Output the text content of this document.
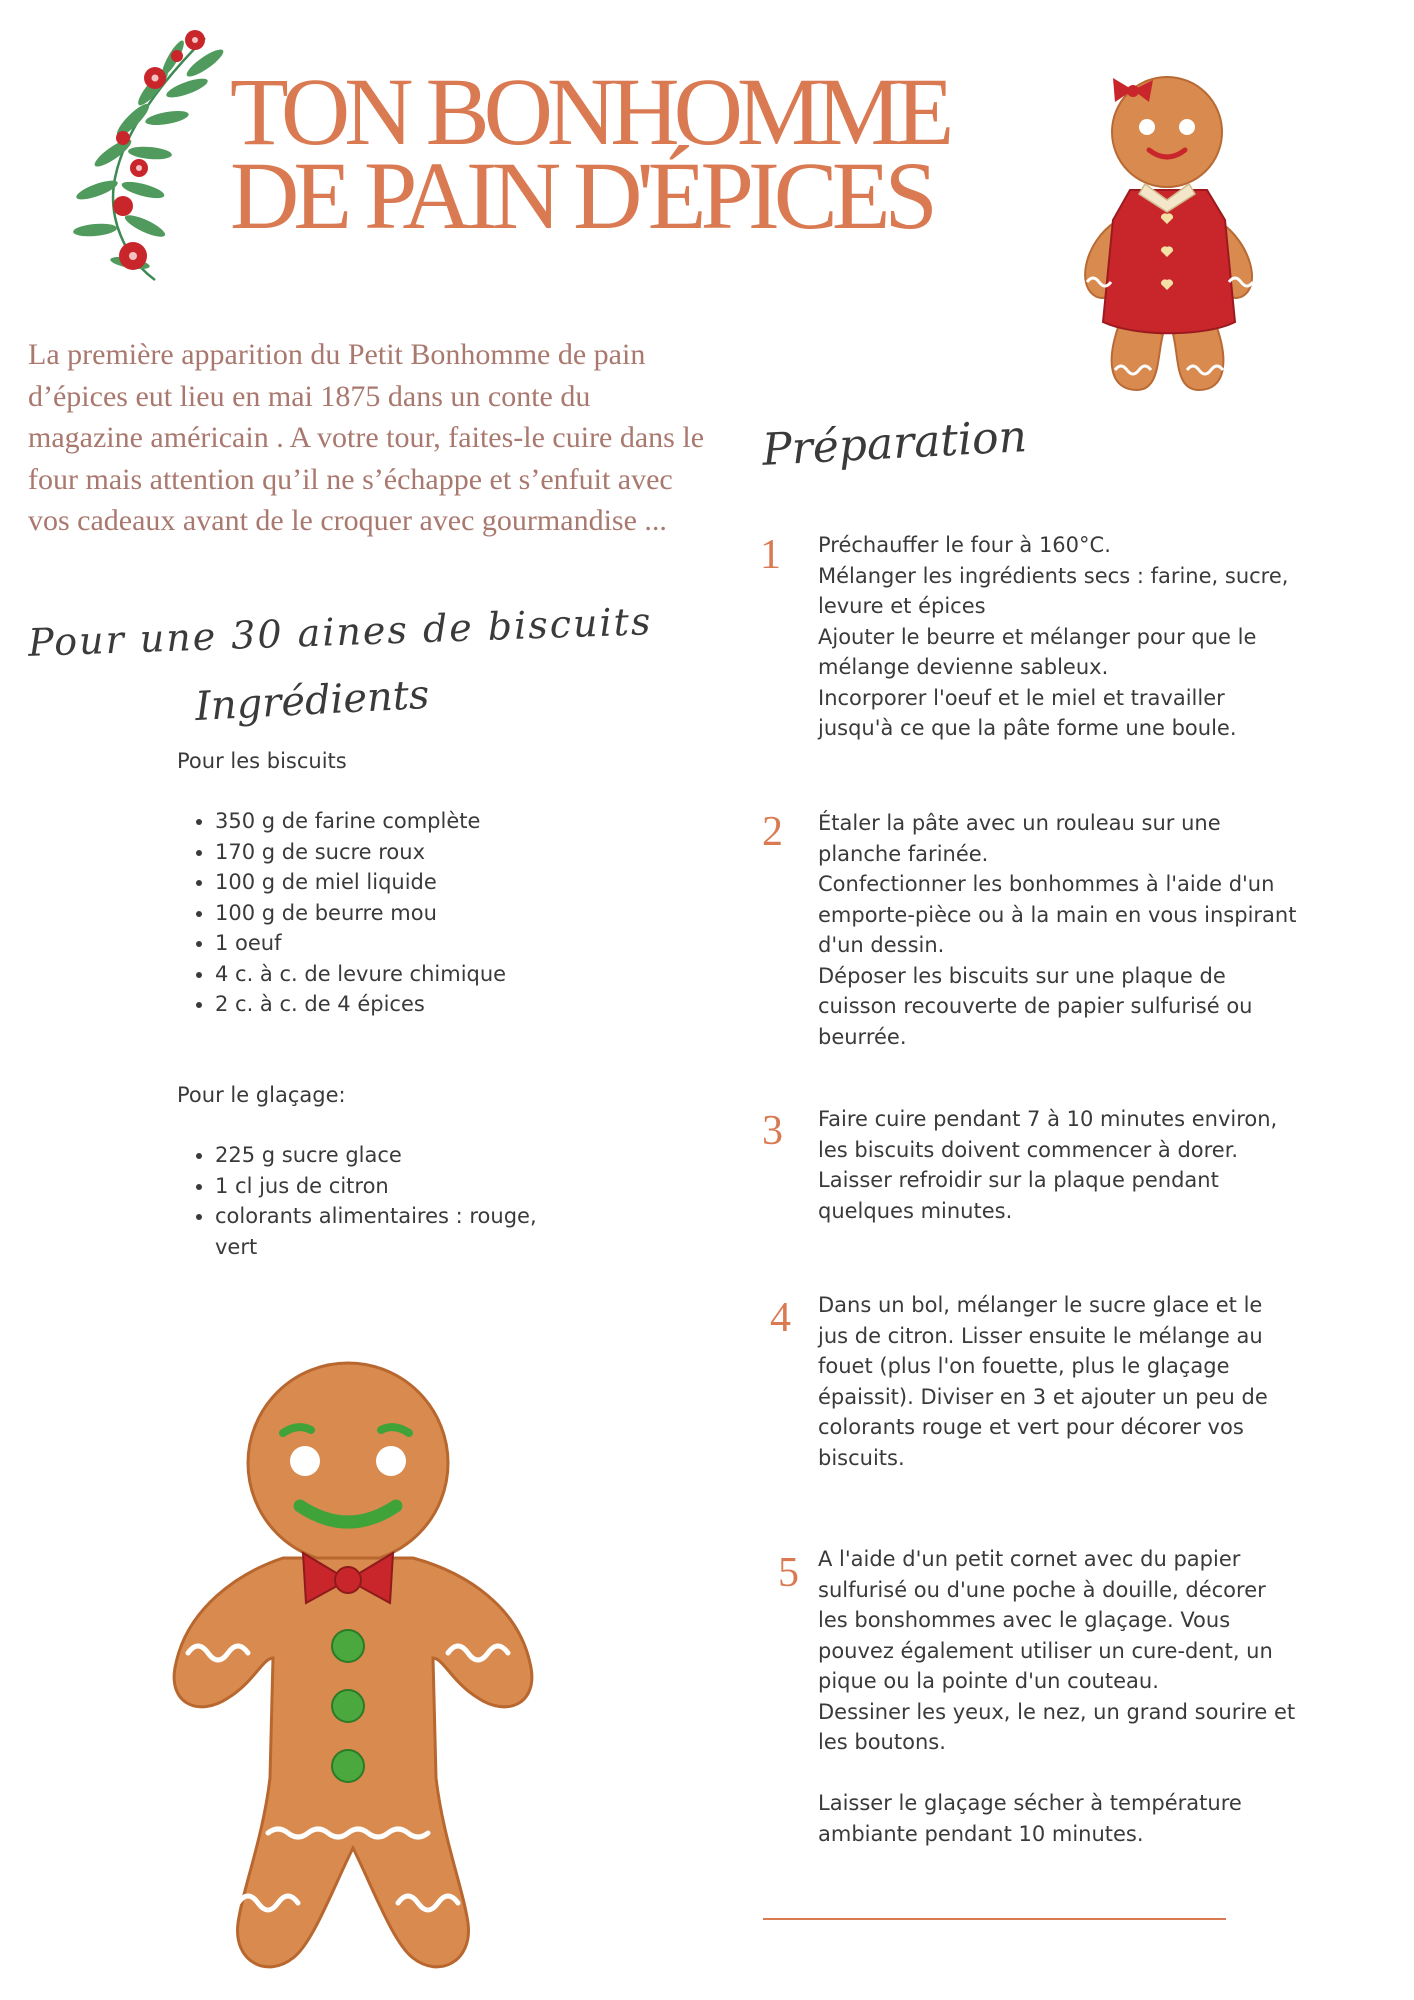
TON BONHOMME
DE PAIN D'ÉPICES

La première apparition du Petit Bonhomme de pain d’épices eut lieu en mai 1875 dans un conte du magazine américain . A votre tour, faites-le cuire dans le four mais attention qu’il ne s’échappe et s’enfuit avec vos cadeaux avant de le croquer avec gourmandise ...

Pour une 30 aines de biscuits
Ingrédients
Préparation

Pour les biscuits

• 350 g de farine complète
• 170 g de sucre roux
• 100 g de miel liquide
• 100 g de beurre mou
• 1 oeuf
• 4 c. à c. de levure chimique
• 2 c. à c. de 4 épices

Pour le glaçage:

• 225 g sucre glace
• 1 cl jus de citron
• colorants alimentaires : rouge, vert
1 Préchauffer le four à 160°C.
Mélanger les ingrédients secs : farine, sucre, levure et épices
Ajouter le beurre et mélanger pour que le mélange devienne sableux.
Incorporer l'oeuf et le miel et travailler jusqu'à ce que la pâte forme une boule.

2 Étaler la pâte avec un rouleau sur une planche farinée.
Confectionner les bonhommes à l'aide d'un emporte-pièce ou à la main en vous inspirant d'un dessin.
Déposer les biscuits sur une plaque de cuisson recouverte de papier sulfurisé ou beurrée.

3 Faire cuire pendant 7 à 10 minutes environ, les biscuits doivent commencer à dorer. Laisser refroidir sur la plaque pendant quelques minutes.

4 Dans un bol, mélanger le sucre glace et le jus de citron. Lisser ensuite le mélange au fouet (plus l'on fouette, plus le glaçage épaissit). Diviser en 3 et ajouter un peu de colorants rouge et vert pour décorer vos biscuits.

5 A l'aide d'un petit cornet avec du papier sulfurisé ou d'une poche à douille, décorer les bonshommes avec le glaçage. Vous pouvez également utiliser un cure-dent, un pique ou la pointe d'un couteau.
Dessiner les yeux, le nez, un grand sourire et les boutons.

Laisser le glaçage sécher à température ambiante pendant 10 minutes.
